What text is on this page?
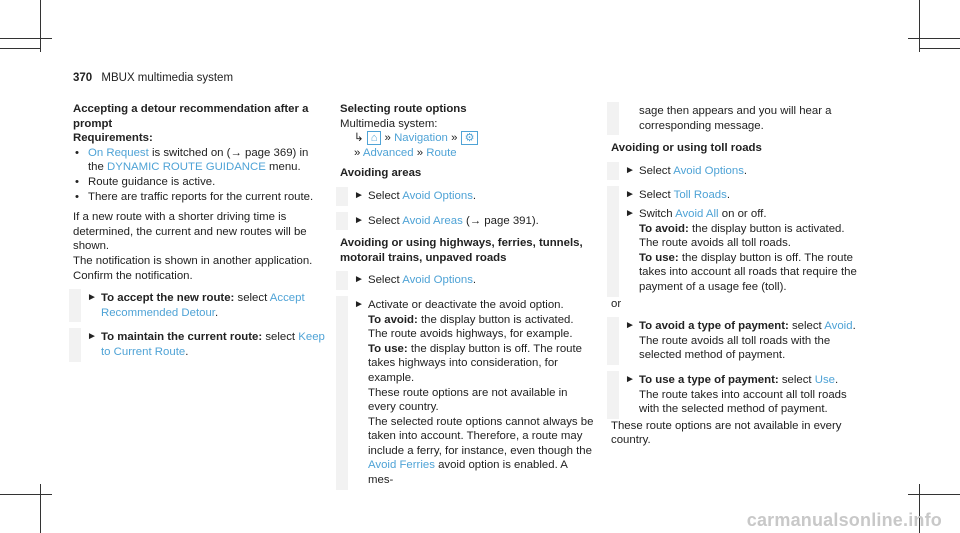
370 MBUX multimedia system
Accepting a detour recommendation after a prompt
Requirements:
• On Request is switched on (→ page 369) in the DYNAMIC ROUTE GUIDANCE menu.
• Route guidance is active.
• There are traffic reports for the current route.

If a new route with a shorter driving time is determined, the current and new routes will be shown.

The notification is shown in another application. Confirm the notification.

► To accept the new route: select Accept Recommended Detour.
► To maintain the current route: select Keep to Current Route.
Selecting route options
Multimedia system:
↳ ⌂ » Navigation » ⚙
» Advanced » Route
Avoiding areas
► Select Avoid Options.
► Select Avoid Areas (→ page 391).
Avoiding or using highways, ferries, tunnels, motorail trains, unpaved roads
► Select Avoid Options.
► Activate or deactivate the avoid option.
To avoid: the display button is activated. The route avoids highways, for example.
To use: the display button is off. The route takes highways into consideration, for example.
These route options are not available in every country.
The selected route options cannot always be taken into account. Therefore, a route may include a ferry, for instance, even though the Avoid Ferries avoid option is enabled. A mes-
sage then appears and you will hear a corresponding message.
Avoiding or using toll roads
► Select Avoid Options.
► Select Toll Roads.
► Switch Avoid All on or off.
To avoid: the display button is activated. The route avoids all toll roads.
To use: the display button is off. The route takes into account all roads that require the payment of a usage fee (toll).
or
► To avoid a type of payment: select Avoid.
The route avoids all toll roads with the selected method of payment.
► To use a type of payment: select Use.
The route takes into account all toll roads with the selected method of payment.
These route options are not available in every country.
carmanualsonline.info
